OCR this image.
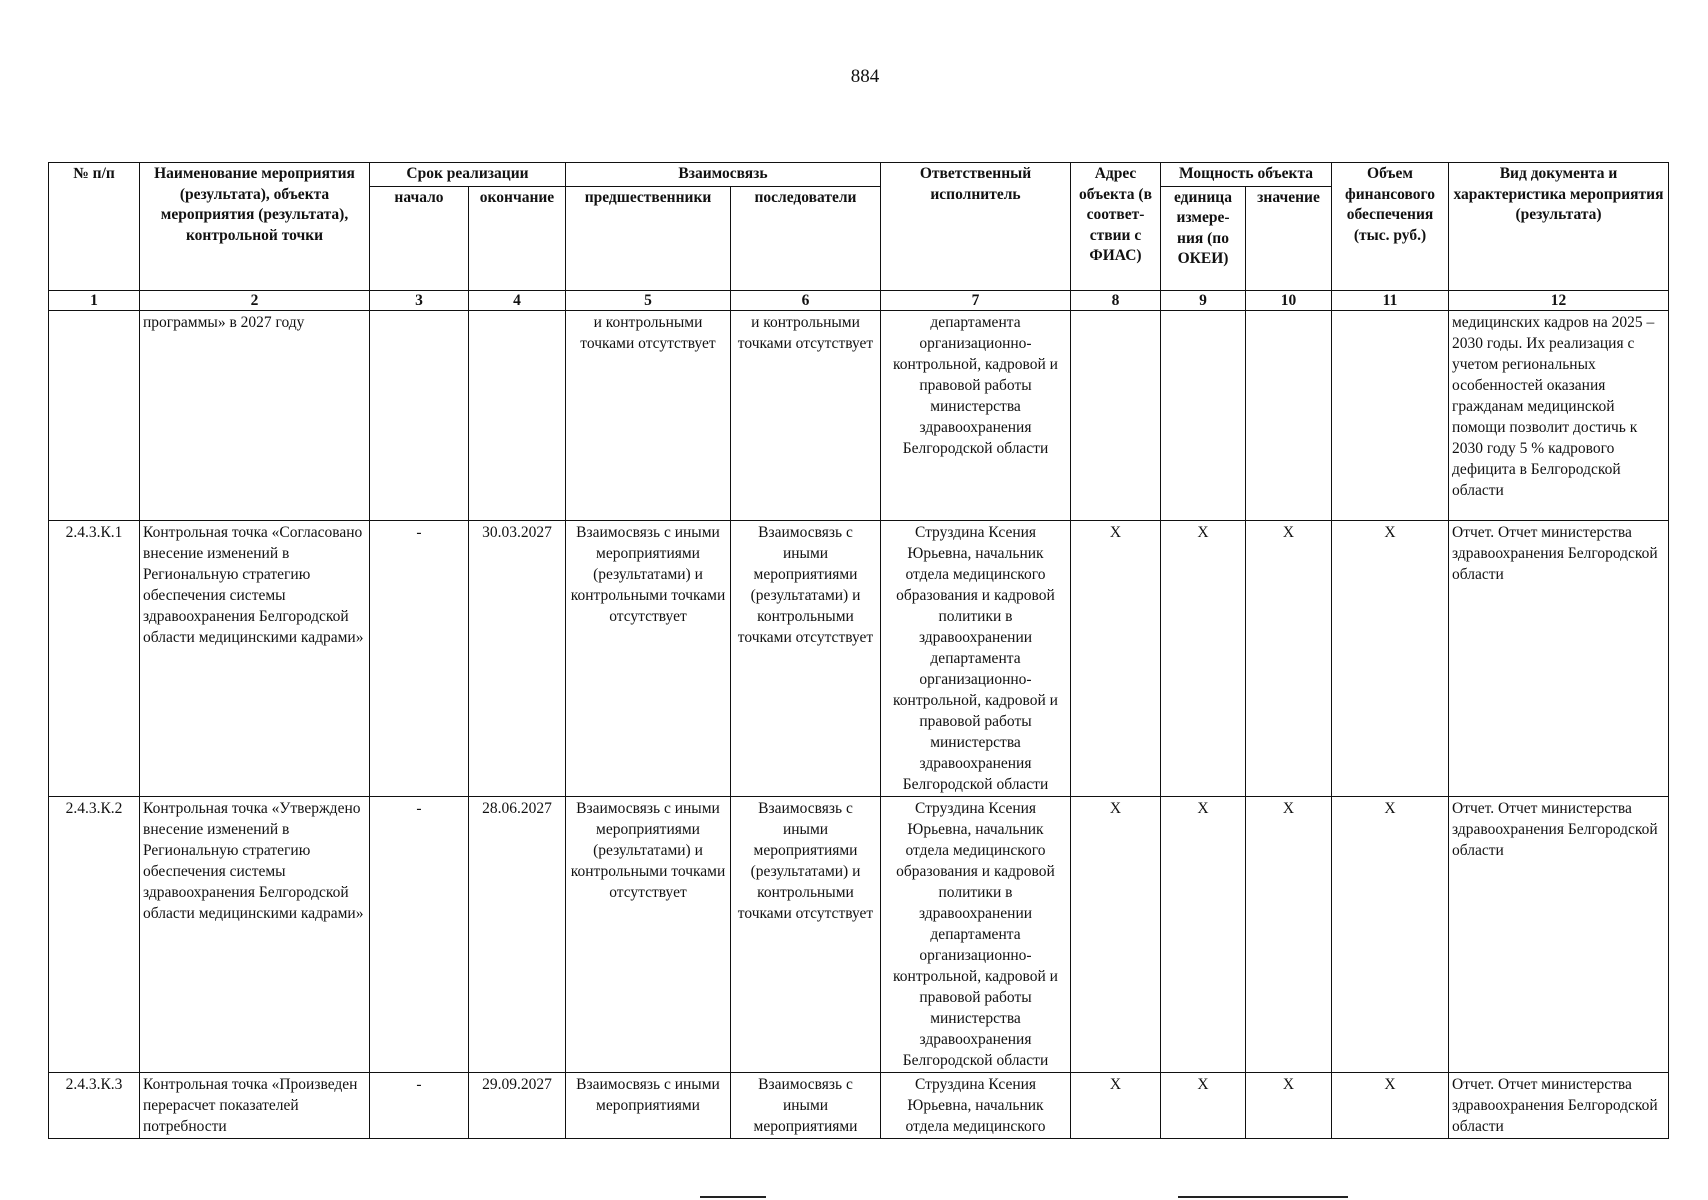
884
№ п/п	Наименование мероприятия (результата), объекта мероприятия (результата), контрольной точки	Срок реализации		Взаимосвязь		Ответственный исполнитель	Адрес объекта (в соответ-ствии с ФИАС)	Мощность объекта		Объем финансового обеспечения (тыс. руб.)	Вид документа и характеристика мероприятия (результата)
		начало	окончание	предшественники	последователи			единица измере-ния (по ОКЕИ)	значение		
1	2	3	4	5	6	7	8	9	10	11	12
	программы» в 2027 году			и контрольными точками отсутствует	и контрольными точками отсутствует	департамента организационно-контрольной, кадровой и правовой работы министерства здравоохранения Белгородской области					медицинских кадров на 2025 – 2030 годы. Их реализация с учетом региональных особенностей оказания гражданам медицинской помощи позволит достичь к 2030 году 5 % кадрового дефицита в Белгородской области
2.4.3.К.1	Контрольная точка «Согласовано внесение изменений в Региональную стратегию обеспечения системы здравоохранения Белгородской области медицинскими кадрами»	-	30.03.2027	Взаимосвязь с иными мероприятиями (результатами) и контрольными точками отсутствует	Взаимосвязь с иными мероприятиями (результатами) и контрольными точками отсутствует	Струздина Ксения Юрьевна, начальник отдела медицинского образования и кадровой политики в здравоохранении департамента организационно-контрольной, кадровой и правовой работы министерства здравоохранения Белгородской области	X	X	X	X	Отчет. Отчет министерства здравоохранения Белгородской области
2.4.3.К.2	Контрольная точка «Утверждено внесение изменений в Региональную стратегию обеспечения системы здравоохранения Белгородской области медицинскими кадрами»	-	28.06.2027	Взаимосвязь с иными мероприятиями (результатами) и контрольными точками отсутствует	Взаимосвязь с иными мероприятиями (результатами) и контрольными точками отсутствует	Струздина Ксения Юрьевна, начальник отдела медицинского образования и кадровой политики в здравоохранении департамента организационно-контрольной, кадровой и правовой работы министерства здравоохранения Белгородской области	X	X	X	X	Отчет. Отчет министерства здравоохранения Белгородской области
2.4.3.К.3	Контрольная точка «Произведен перерасчет показателей потребности	-	29.09.2027	Взаимосвязь с иными мероприятиями	Взаимосвязь с иными мероприятиями	Струздина Ксения Юрьевна, начальник отдела медицинского	X	X	X	X	Отчет. Отчет министерства здравоохранения Белгородской области
